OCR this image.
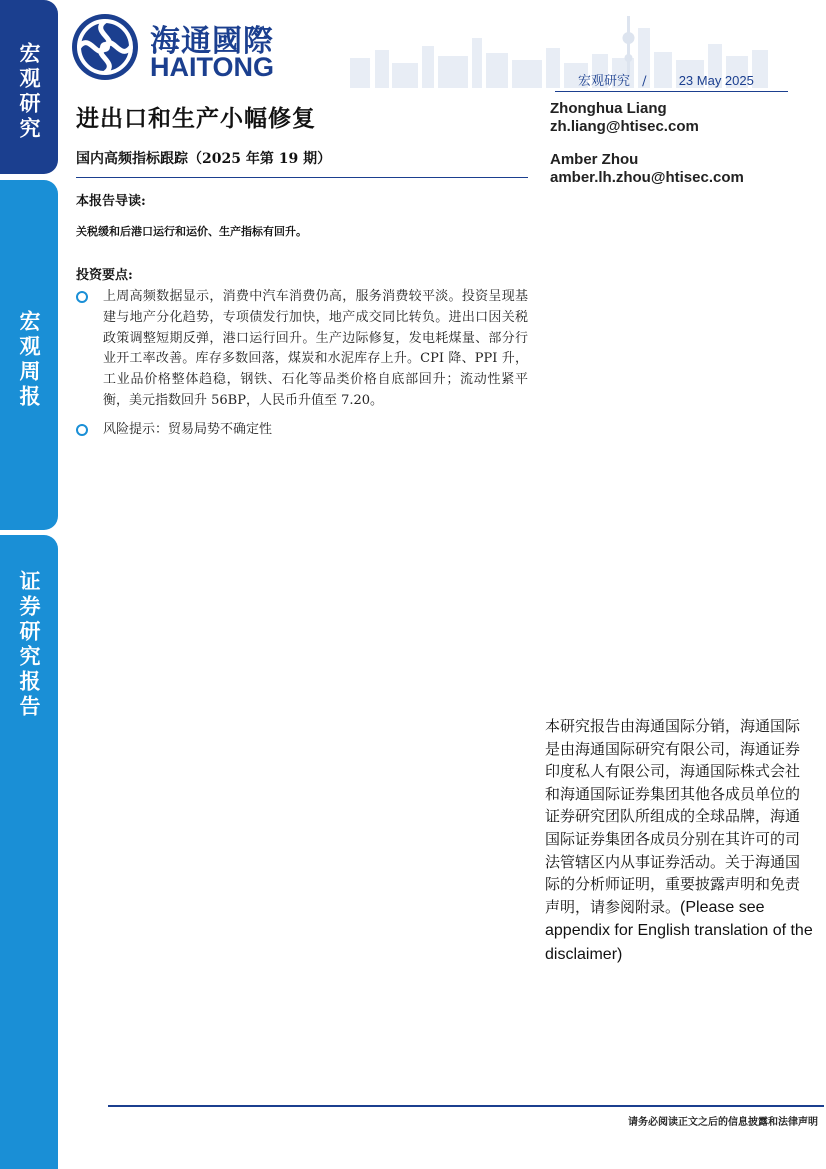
宏观研究
宏观周报
证券研究报告
海通國際
HAITONG	宏观研究 / 23 May 2025
进出口和生产小幅修复
国内高频指标跟踪（2025 年第 19 期）
Zhonghua Liang
zh.liang@htisec.com
Amber Zhou
amber.lh.zhou@htisec.com
本报告导读:
关税缓和后港口运行和运价、生产指标有回升。
投资要点:
上周高频数据显示，消费中汽车消费仍高，服务消费较平淡。投资呈现基建与地产分化趋势，专项债发行加快，地产成交同比转负。进出口因关税政策调整短期反弹，港口运行回升。生产边际修复，发电耗煤量、部分行业开工率改善。库存多数回落，煤炭和水泥库存上升。CPI 降、PPI 升，工业品价格整体趋稳，钢铁、石化等品类价格自底部回升；流动性紧平衡，美元指数回升 56BP，人民币升值至 7.20。
风险提示：贸易局势不确定性
本研究报告由海通国际分销，海通国际是由海通国际研究有限公司，海通证券印度私人有限公司，海通国际株式会社和海通国际证券集团其他各成员单位的证券研究团队所组成的全球品牌，海通国际证券集团各成员分别在其许可的司法管辖区内从事证券活动。关于海通国际的分析师证明，重要披露声明和免责声明，请参阅附录。(Please see appendix for English translation of the disclaimer)
请务必阅读正文之后的信息披露和法律声明
